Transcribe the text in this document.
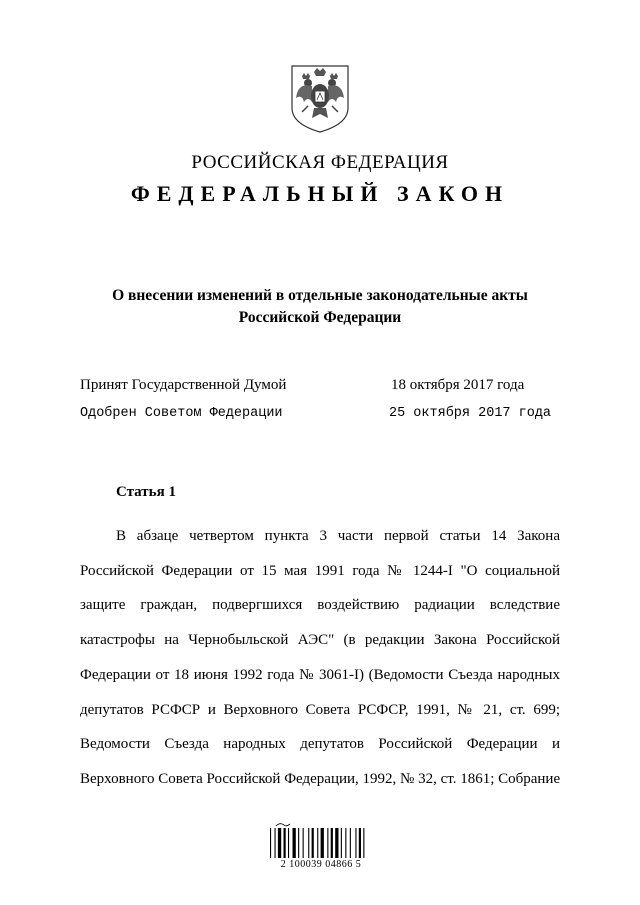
РОССИЙСКАЯ ФЕДЕРАЦИЯ
ФЕДЕРАЛЬНЫЙ ЗАКОН
О внесении изменений в отдельные законодательные акты
Российской Федерации
Принят Государственной Думой	18 октября 2017 года
Одобрен Советом Федерации	25 октября 2017 года
Статья 1
В абзаце четвертом пункта 3 части первой статьи 14 Закона
Российской Федерации от 15 мая 1991 года № 1244-I "О социальной
защите граждан, подвергшихся воздействию радиации вследствие
катастрофы на Чернобыльской АЭС" (в редакции Закона Российской
Федерации от 18 июня 1992 года № 3061-I) (Ведомости Съезда народных
депутатов РСФСР и Верховного Совета РСФСР, 1991, № 21, ст. 699;
Ведомости Съезда народных депутатов Российской Федерации и
Верховного Совета Российской Федерации, 1992, № 32, ст. 1861; Собрание
2 100039 04866 5
